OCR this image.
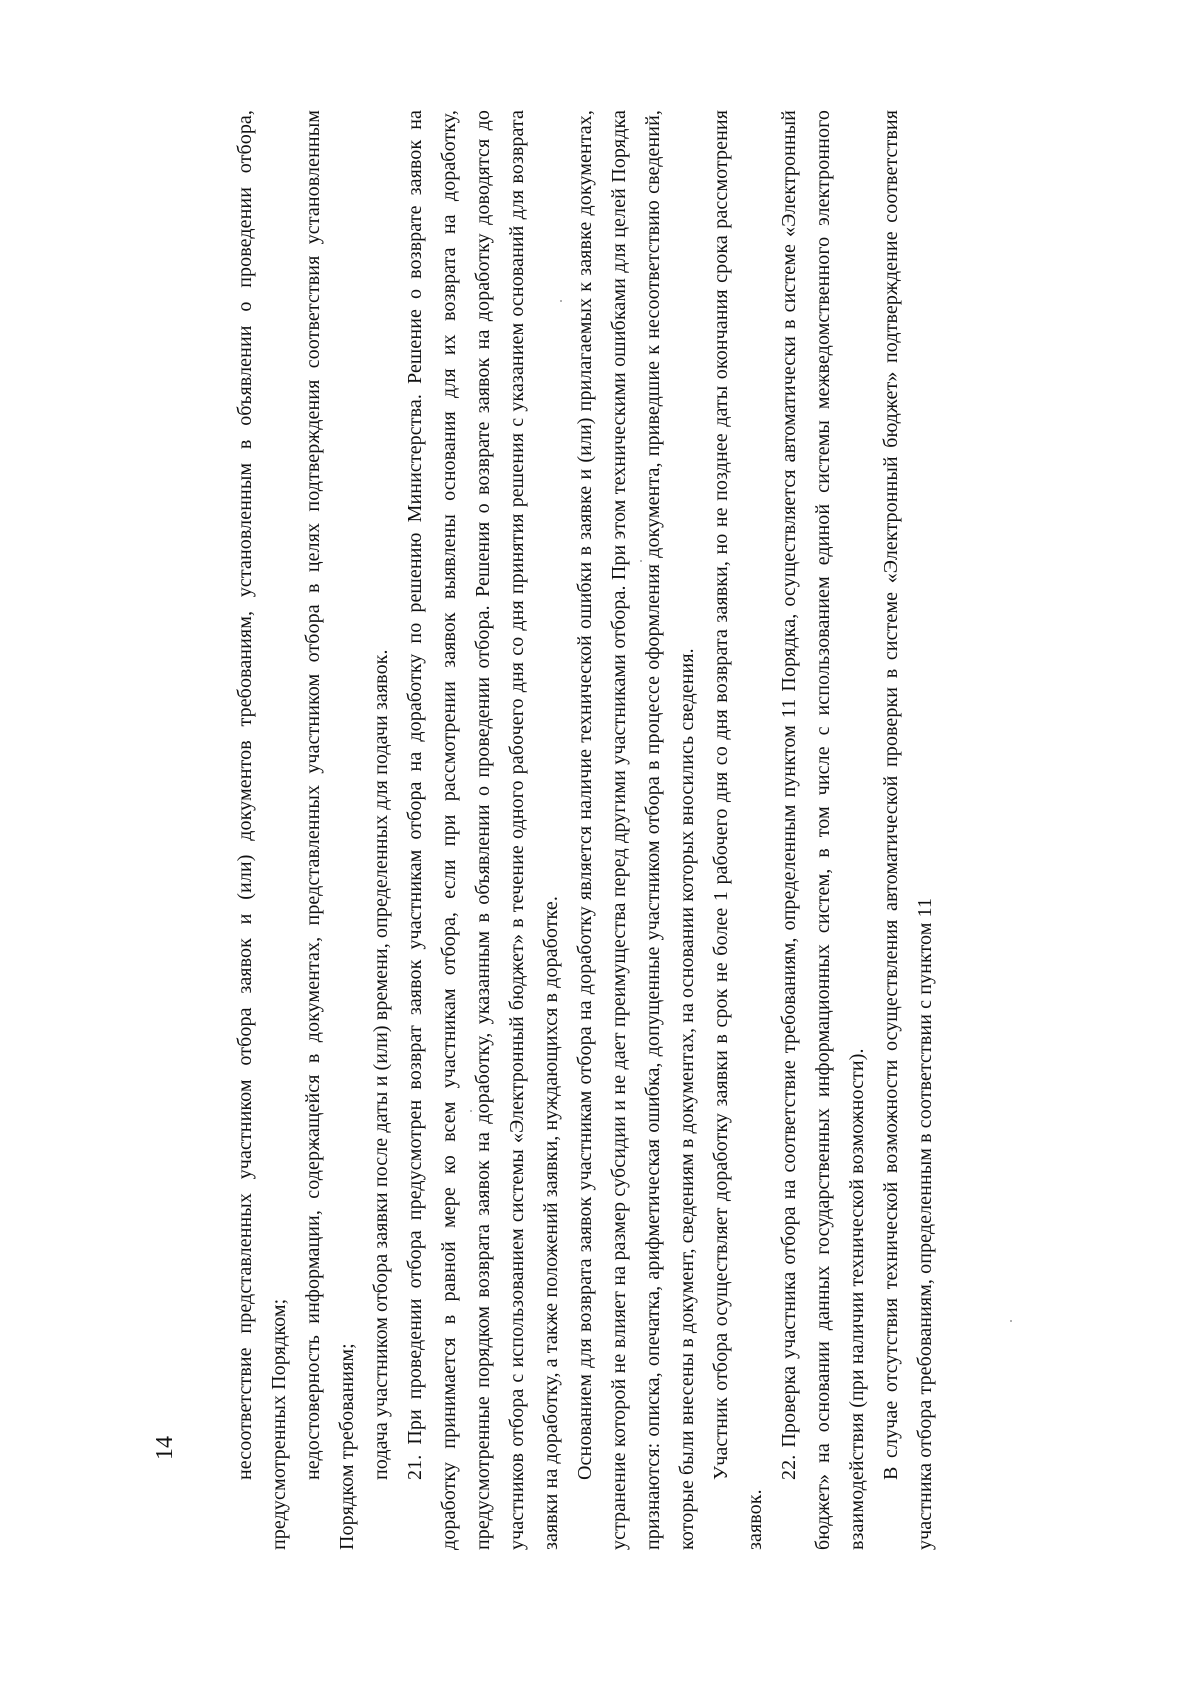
14	несоответствие представленных участником отбора заявок и (или) документов требованиям, установленным в объявлении о проведении отбора, предусмотренных Порядком; недостоверность информации, содержащейся в документах, представленных участником отбора в целях подтверждения соответствия установленным Порядком требованиям; подача участником отбора заявки после даты и (или) времени, определенных для подачи заявок. 21. При проведении отбора предусмотрен возврат заявок участникам отбора на доработку по решению Министерства. Решение о возврате заявок на доработку принимается в равной мере ко всем участникам отбора, если при рассмотрении заявок выявлены основания для их возврата на доработку, предусмотренные порядком возврата заявок на доработку, указанным в объявлении о проведении отбора. Решения о возврате заявок на доработку доводятся до участников отбора с использованием системы «Электронный бюджет» в течение одного рабочего дня со дня принятия решения с указанием оснований для возврата заявки на доработку, а также положений заявки, нуждающихся в доработке. Основанием для возврата заявок участникам отбора на доработку является наличие технической ошибки в заявке и (или) прилагаемых к заявке документах, устранение которой не влияет на размер субсидии и не дает преимущества перед другими участниками отбора. При этом техническими ошибками для целей Порядка признаются: описка, опечатка, арифметическая ошибка, допущенные участником отбора в процессе оформления документа, приведшие к несоответствию сведений, которые были внесены в документ, сведениям в документах, на основании которых вносились сведения. Участник отбора осуществляет доработку заявки в срок не более 1 рабочего дня со дня возврата заявки, но не позднее даты окончания срока рассмотрения заявок.

22. Проверка участника отбора на соответствие требованиям, определенным пунктом 11 Порядка, осуществляется автоматически в системе «Электронный бюджет» на основании данных государственных информационных систем, в том числе с использованием единой системы межведомственного электронного взаимодействия (при наличии технической возможности). В случае отсутствия технической возможности осуществления автоматической проверки в системе «Электронный бюджет» подтверждение соответствия участника отбора требованиям, определенным в соответствии с пунктом 11
